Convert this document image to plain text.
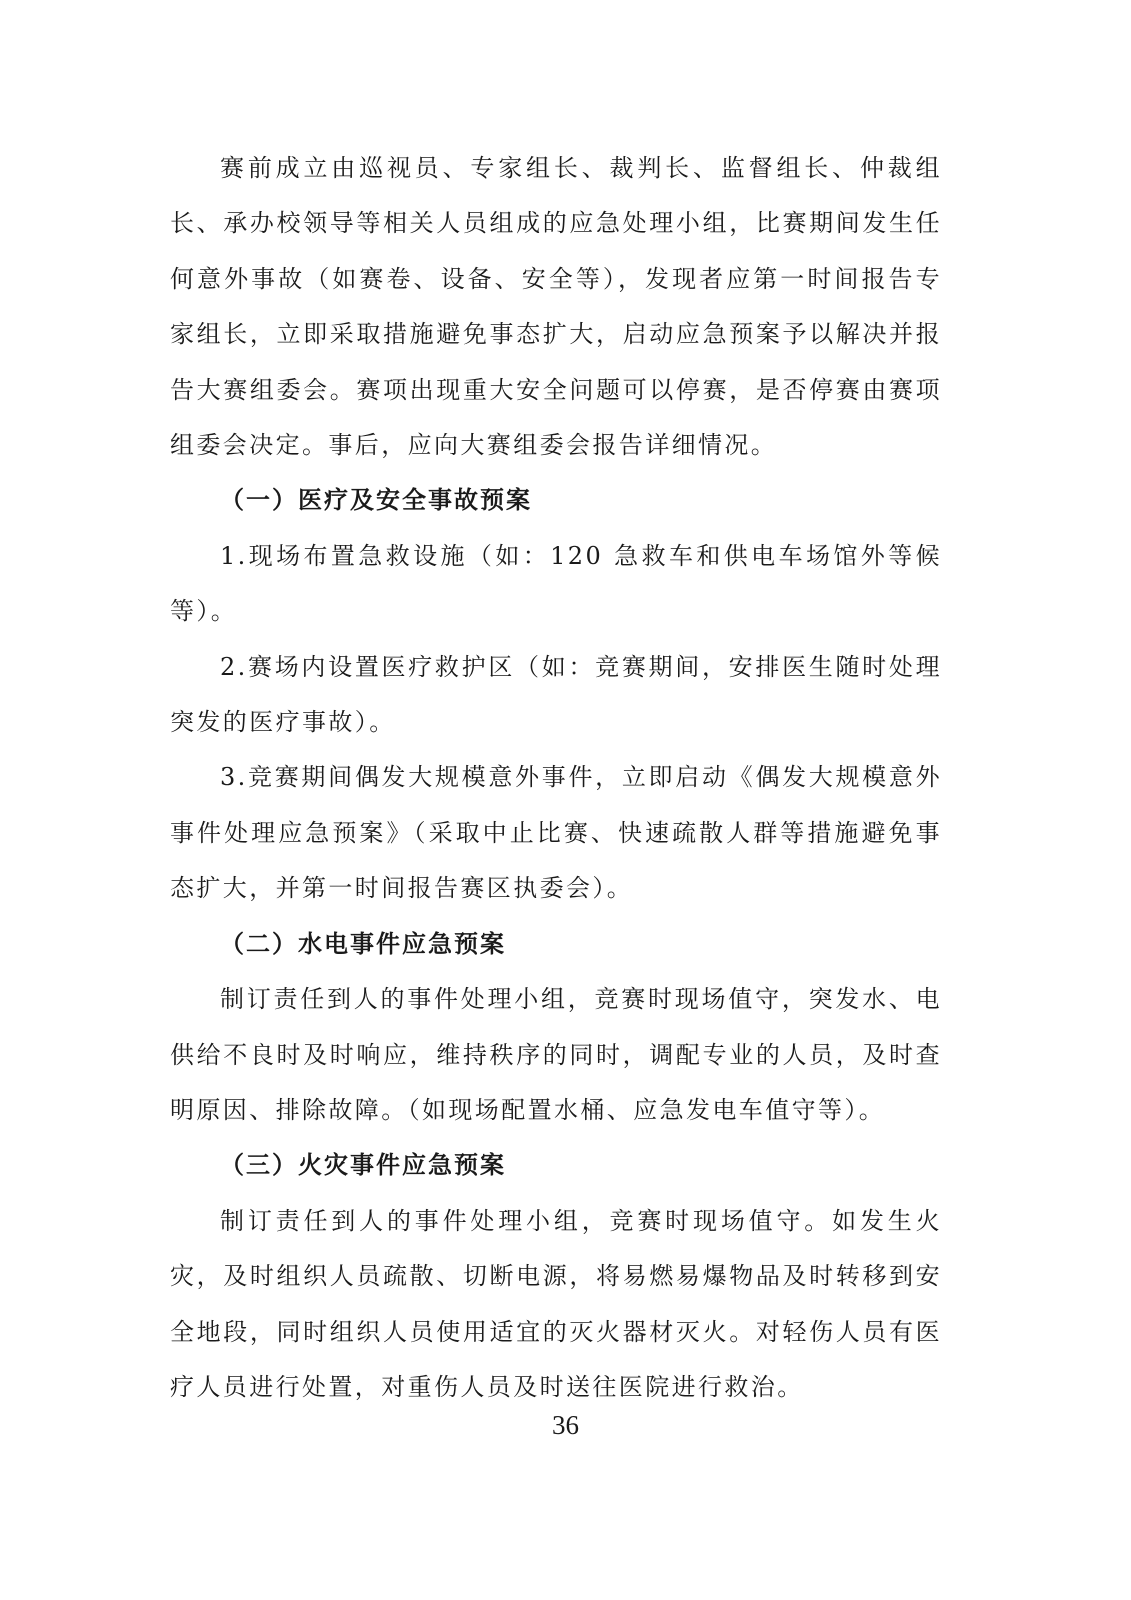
赛前成立由巡视员、专家组长、裁判长、监督组长、仲裁组长、承办校领导等相关人员组成的应急处理小组，比赛期间发生任何意外事故（如赛卷、设备、安全等），发现者应第一时间报告专家组长，立即采取措施避免事态扩大，启动应急预案予以解决并报告大赛组委会。赛项出现重大安全问题可以停赛，是否停赛由赛项组委会决定。事后，应向大赛组委会报告详细情况。

（一）医疗及安全事故预案

1.现场布置急救设施（如：120 急救车和供电车场馆外等候等）。

2.赛场内设置医疗救护区（如：竞赛期间，安排医生随时处理突发的医疗事故）。

3.竞赛期间偶发大规模意外事件，立即启动《偶发大规模意外事件处理应急预案》（采取中止比赛、快速疏散人群等措施避免事态扩大，并第一时间报告赛区执委会）。

（二）水电事件应急预案

制订责任到人的事件处理小组，竞赛时现场值守，突发水、电供给不良时及时响应，维持秩序的同时，调配专业的人员，及时查明原因、排除故障。（如现场配置水桶、应急发电车值守等）。

（三）火灾事件应急预案

制订责任到人的事件处理小组，竞赛时现场值守。如发生火灾，及时组织人员疏散、切断电源，将易燃易爆物品及时转移到安全地段，同时组织人员使用适宜的灭火器材灭火。对轻伤人员有医疗人员进行处置，对重伤人员及时送往医院进行救治。

36
